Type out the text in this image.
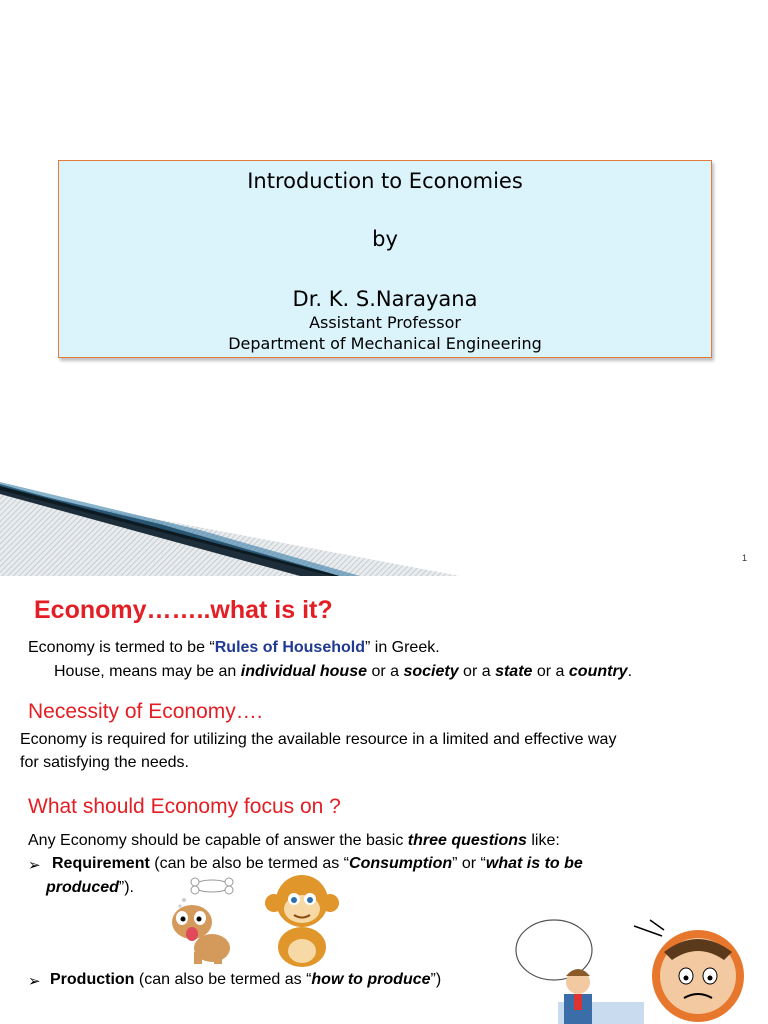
Introduction to Economies
by
Dr. K. S.Narayana
Assistant Professor
Department of Mechanical Engineering
1
Economy……..what is it?
Economy is termed to be “Rules of Household” in Greek.
House, means may be an individual house or a society or a state or a country.
Necessity of Economy….
Economy is required for utilizing the available resource in a limited and effective way
for satisfying the needs.
What should Economy focus on ?
Any Economy should be capable of answer the basic three questions like:
➢ Requirement (can be also be termed as “Consumption” or “what is to be
produced”).
➢ Production (can also be termed as “how to produce”)
